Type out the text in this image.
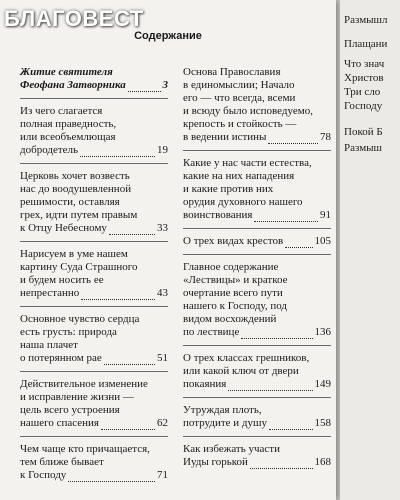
Содержание
Житие святителя
Феофана Затворника	3
Из чего слагается
полная праведность,
или всеобъемлющая
добродетель	19
Церковь хочет возвесть
нас до воодушевленной
решимости, оставляя
грех, идти путем правым
к Отцу Небесному	33
Нарисуем в уме нашем
картину Суда Страшного
и будем носить ее
непрестанно	43
Основное чувство сердца
есть грусть: природа
наша плачет
о потерянном рае	51
Действительное изменение
и исправление жизни —
цель всего устроения
нашего спасения	62
Чем чаще кто причащается,
тем ближе бывает
к Господу	71
Основа Православия
в единомыслии; Начало
его — что всегда, всеми
и всюду было исповедуемо,
крепость и стойкость —
в ведении истины	78
Какие у нас части естества,
какие на них нападения
и какие против них
орудия духовного нашего
воинствования	91
О трех видах крестов	105
Главное содержание
«Лествицы» и краткое
очертание всего пути
нашего к Господу, под
видом восхождений
по лествице	136
О трех классах грешников,
или какой ключ от двери
покаяния	149
Утруждая плоть,
потрудите и душу	158
Как избежать участи
Иуды горькой	168
Размышл
Плащани
Что знач
Христов
Три сло
Господу
Покой Б
Размыш
БЛАГОВЕСТ
